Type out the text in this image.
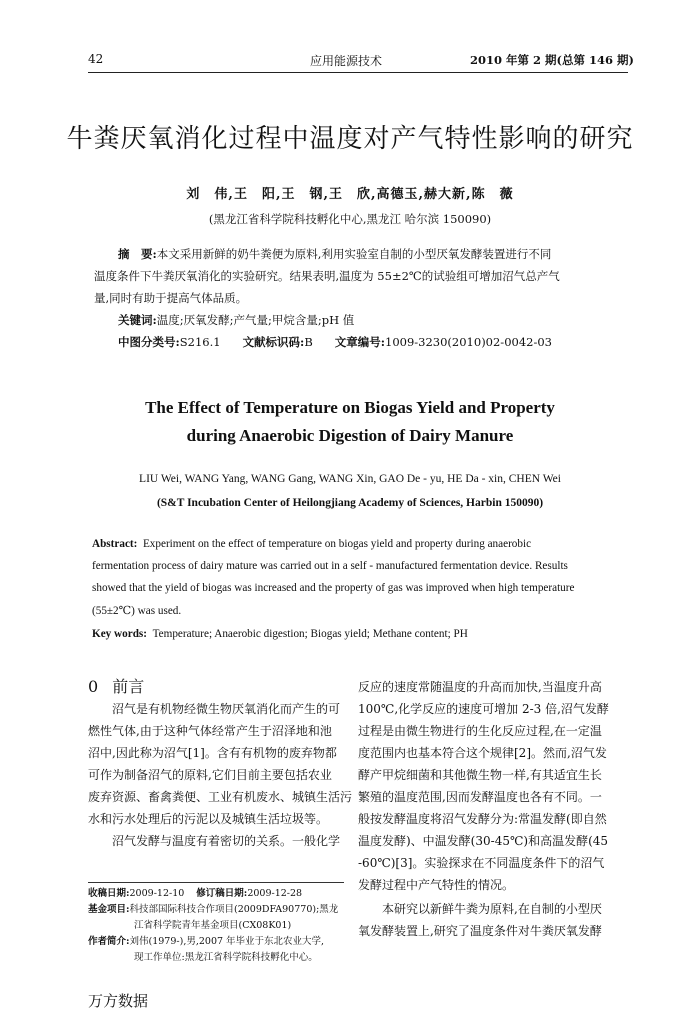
42	应用能源技术	2010 年第 2 期(总第 146 期)
牛粪厌氧消化过程中温度对产气特性影响的研究
刘　伟,王　阳,王　钢,王　欣,高德玉,赫大新,陈　薇
(黑龙江省科学院科技孵化中心,黑龙江 哈尔滨 150090)
摘　要:本文采用新鲜的奶牛粪便为原料,利用实验室自制的小型厌氧发酵装置进行不同
温度条件下牛粪厌氧消化的实验研究。结果表明,温度为 55±2℃的试验组可增加沼气总产气
量,同时有助于提高气体品质。
关键词:温度;厌氧发酵;产气量;甲烷含量;pH 值
中图分类号:S216.1 文献标识码:B 文章编号:1009-3230(2010)02-0042-03
The Effect of Temperature on Biogas Yield and Property
during Anaerobic Digestion of Dairy Manure
LIU Wei, WANG Yang, WANG Gang, WANG Xin, GAO De - yu, HE Da - xin, CHEN Wei
(S&T Incubation Center of Heilongjiang Academy of Sciences, Harbin 150090)
Abstract: Experiment on the effect of temperature on biogas yield and property during anaerobic
fermentation process of dairy mature was carried out in a self - manufactured fermentation device. Results
showed that the yield of biogas was increased and the property of gas was improved when high temperature
(55±2℃) was used.
Key words: Temperature; Anaerobic digestion; Biogas yield; Methane content; PH
0 前言
　　沼气是有机物经微生物厌氧消化而产生的可
燃性气体,由于这种气体经常产生于沼泽地和池
沼中,因此称为沼气[1]。含有有机物的废弃物都
可作为制备沼气的原料,它们目前主要包括农业
废弃资源、畜禽粪便、工业有机废水、城镇生活污
水和污水处理后的污泥以及城镇生活垃圾等。
　　沼气发酵与温度有着密切的关系。一般化学
收稿日期:2009-12-10 修订稿日期:2009-12-28
基金项目:科技部国际科技合作项目(2009DFA90770);黑龙
江省科学院青年基金项目(CX08K01)
作者简介:刘伟(1979-),男,2007 年毕业于东北农业大学,
现工作单位:黑龙江省科学院科技孵化中心。
反应的速度常随温度的升高而加快,当温度升高
100℃,化学反应的速度可增加 2-3 倍,沼气发酵
过程是由微生物进行的生化反应过程,在一定温
度范围内也基本符合这个规律[2]。然而,沼气发
酵产甲烷细菌和其他微生物一样,有其适宜生长
繁殖的温度范围,因而发酵温度也各有不同。一
般按发酵温度将沼气发酵分为:常温发酵(即自然
温度发酵)、中温发酵(30-45℃)和高温发酵(45
-60℃)[3]。实验探求在不同温度条件下的沼气
发酵过程中产气特性的情况。
　　本研究以新鲜牛粪为原料,在自制的小型厌
氧发酵装置上,研究了温度条件对牛粪厌氧发酵
万方数据
